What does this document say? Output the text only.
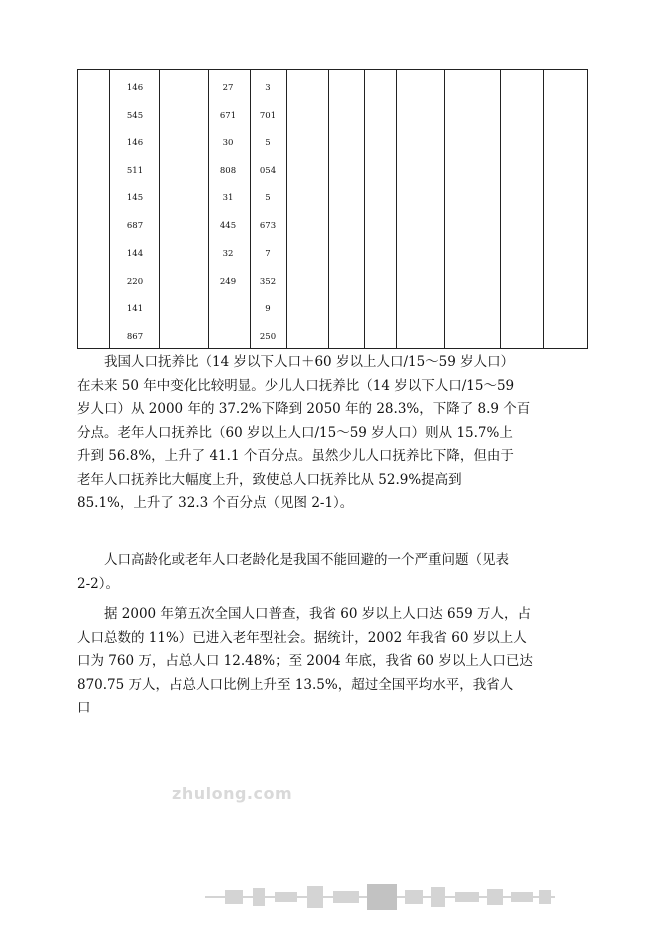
146
545
146
511
145
687
144
220
141
867
27
671
30
808
31
445
32
249
3
701
5
054
5
673
7
352
9
250
我国人口抚养比（14 岁以下人口＋60 岁以上人口/15～59 岁人口）
在未来 50 年中变化比较明显。少儿人口抚养比（14 岁以下人口/15～59
岁人口）从 2000 年的 37.2%下降到 2050 年的 28.3%，下降了 8.9 个百
分点。老年人口抚养比（60 岁以上人口/15～59 岁人口）则从 15.7%上
升到 56.8%，上升了 41.1 个百分点。虽然少儿人口抚养比下降，但由于
老年人口抚养比大幅度上升，致使总人口抚养比从 52.9%提高到
85.1%，上升了 32.3 个百分点（见图 2-1）。
人口高龄化或老年人口老龄化是我国不能回避的一个严重问题（见表
2-2）。
据 2000 年第五次全国人口普查，我省 60 岁以上人口达 659 万人，占
人口总数的 11%）已进入老年型社会。据统计，2002 年我省 60 岁以上人
口为 760 万，占总人口 12.48%；至 2004 年底，我省 60 岁以上人口已达
870.75 万人，占总人口比例上升至 13.5%，超过全国平均水平，我省人
口
zhulong.com
